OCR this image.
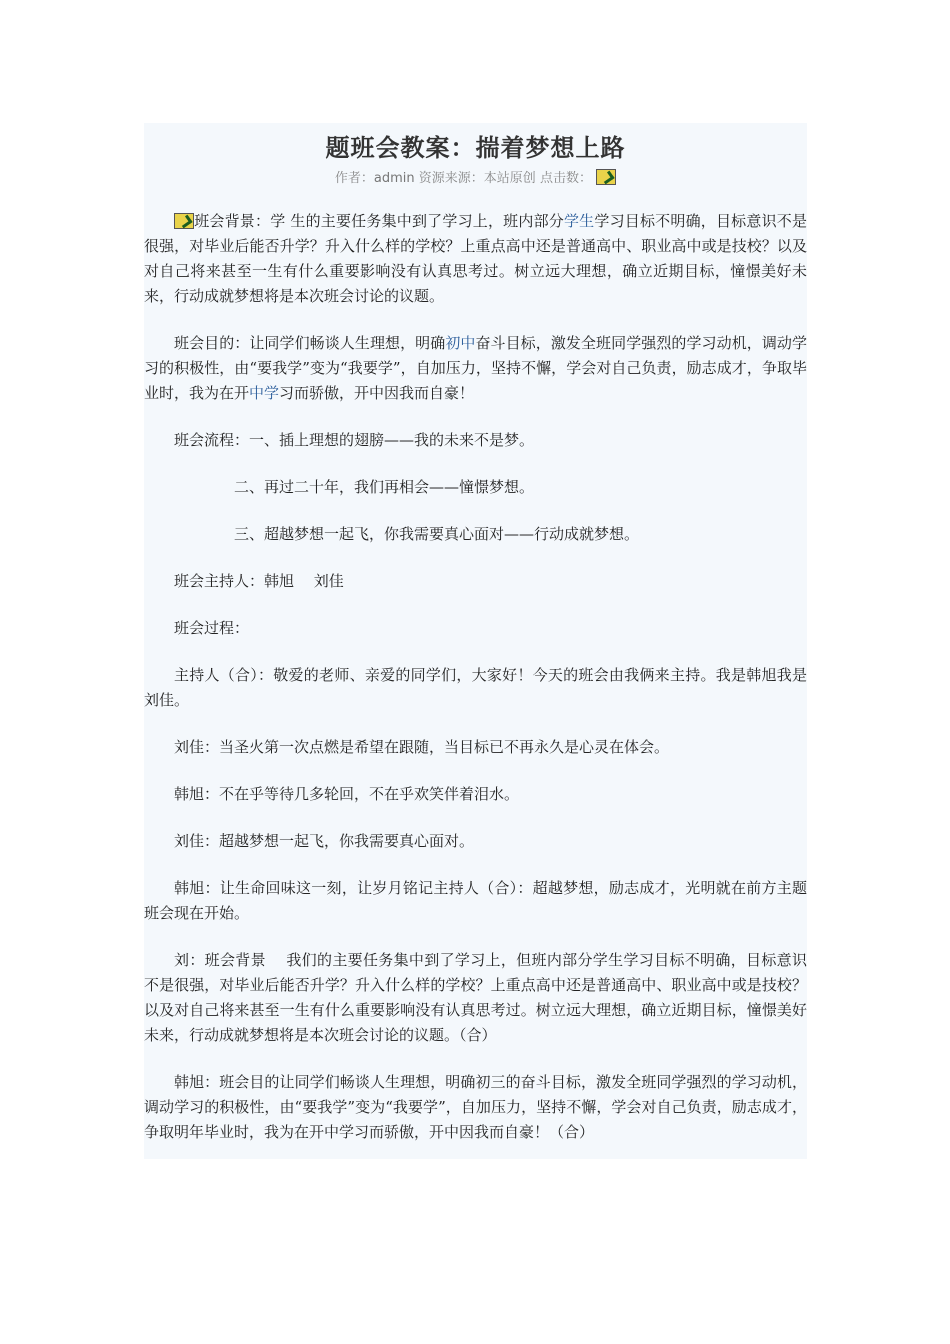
题班会教案：揣着梦想上路
作者：admin 资源来源：本站原创 点击数：

班会背景：学 生的主要任务集中到了学习上，班内部分学生学习目标不明确，目标意识不是很强，对毕业后能否升学？升入什么样的学校？上重点高中还是普通高中、职业高中或是技校？以及对自己将来甚至一生有什么重要影响没有认真思考过。树立远大理想，确立近期目标，憧憬美好未来，行动成就梦想将是本次班会讨论的议题。

班会目的：让同学们畅谈人生理想，明确初中奋斗目标，激发全班同学强烈的学习动机，调动学习的积极性，由“要我学”变为“我要学”，自加压力，坚持不懈，学会对自己负责，励志成才，争取毕业时，我为在开中学习而骄傲，开中因我而自豪！

班会流程：一、插上理想的翅膀——我的未来不是梦。

二、再过二十年，我们再相会——憧憬梦想。

三、超越梦想一起飞，你我需要真心面对——行动成就梦想。

班会主持人：韩旭　 刘佳

班会过程：

主持人（合）：敬爱的老师、亲爱的同学们，大家好！今天的班会由我俩来主持。我是韩旭我是刘佳。

刘佳：当圣火第一次点燃是希望在跟随，当目标已不再永久是心灵在体会。

韩旭：不在乎等待几多轮回，不在乎欢笑伴着泪水。

刘佳：超越梦想一起飞，你我需要真心面对。

韩旭：让生命回味这一刻，让岁月铭记主持人（合）：超越梦想，励志成才，光明就在前方主题班会现在开始。

刘：班会背景　 我们的主要任务集中到了学习上，但班内部分学生学习目标不明确，目标意识不是很强，对毕业后能否升学？升入什么样的学校？上重点高中还是普通高中、职业高中或是技校？以及对自己将来甚至一生有什么重要影响没有认真思考过。树立远大理想，确立近期目标，憧憬美好未来，行动成就梦想将是本次班会讨论的议题。（合）

韩旭：班会目的让同学们畅谈人生理想，明确初三的奋斗目标，激发全班同学强烈的学习动机，调动学习的积极性，由“要我学”变为“我要学”，自加压力，坚持不懈，学会对自己负责，励志成才，争取明年毕业时，我为在开中学习而骄傲，开中因我而自豪！（合）
